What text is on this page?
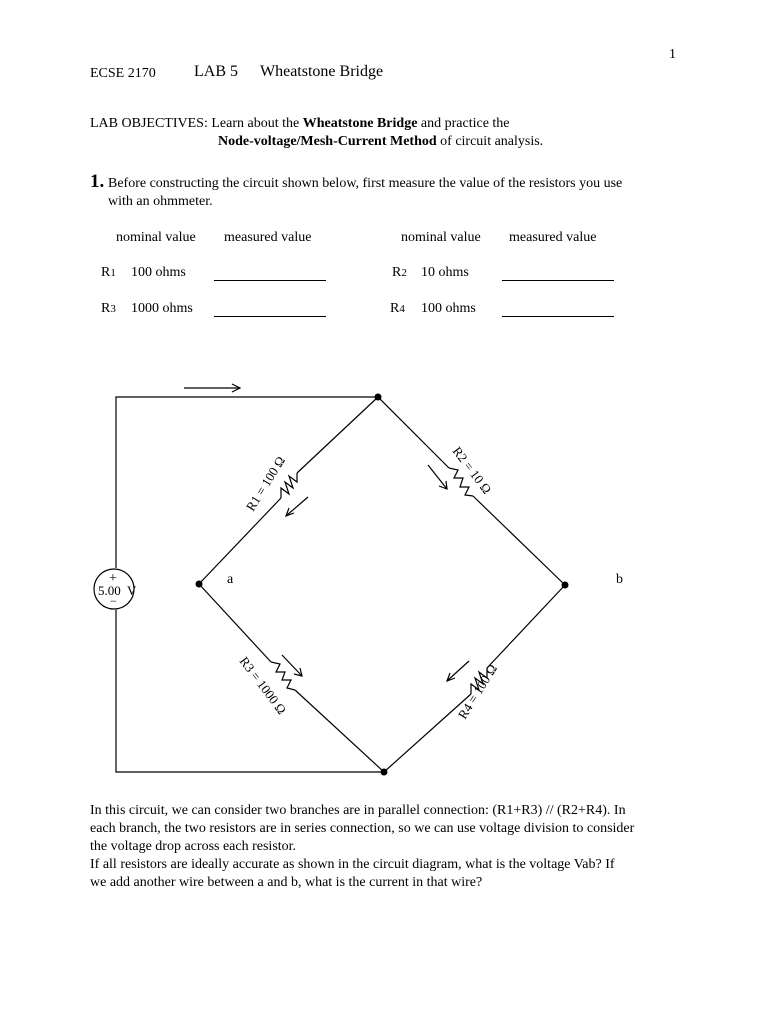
1
ECSE 2170 LAB 5 Wheatstone Bridge
LAB OBJECTIVES: Learn about the Wheatstone Bridge and practice the
Node-voltage/Mesh-Current Method of circuit analysis.
1. Before constructing the circuit shown below, first measure the value of the resistors you use
with an ohmmeter.
nominal value measured value	nominal value measured value
R1 100 ohms	R2 10 ohms
R3 1000 ohms	R4 100 ohms
+
5.00 V
−
a	b
R1 = 100 Ω	R2 = 10 Ω
R3 = 1000 Ω	R4 = 100 Ω

In this circuit, we can consider two branches are in parallel connection: (R1+R3) // (R2+R4). In

each branch, the two resistors are in series connection, so we can use voltage division to consider

the voltage drop across each resistor.

If all resistors are ideally accurate as shown in the circuit diagram, what is the voltage Vab? If

we add another wire between a and b, what is the current in that wire?
